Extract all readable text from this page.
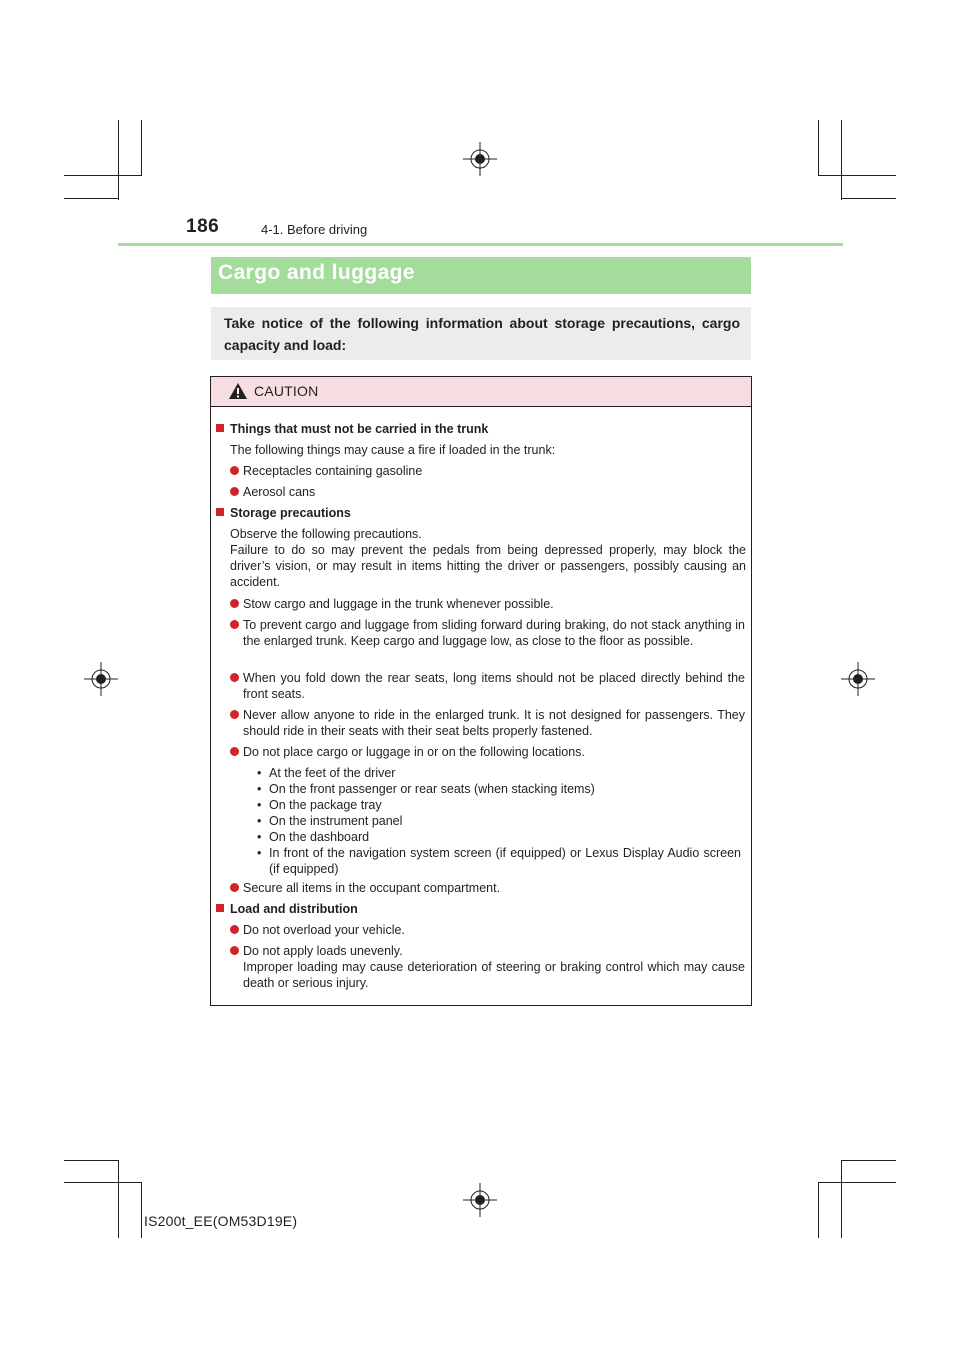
186	4-1. Before driving
Cargo and luggage
Take notice of the following information about storage precautions, cargo capacity and load:
CAUTION
Things that must not be carried in the trunk
The following things may cause a fire if loaded in the trunk:
Receptacles containing gasoline
Aerosol cans
Storage precautions
Observe the following precautions.
Failure to do so may prevent the pedals from being depressed properly, may block the driver’s vision, or may result in items hitting the driver or passengers, possibly causing an accident.
Stow cargo and luggage in the trunk whenever possible.
To prevent cargo and luggage from sliding forward during braking, do not stack anything in the enlarged trunk. Keep cargo and luggage low, as close to the floor as possible.
When you fold down the rear seats, long items should not be placed directly behind the front seats.
Never allow anyone to ride in the enlarged trunk. It is not designed for passengers. They should ride in their seats with their seat belts properly fastened.
Do not place cargo or luggage in or on the following locations.
• At the feet of the driver
• On the front passenger or rear seats (when stacking items)
• On the package tray
• On the instrument panel
• On the dashboard
• In front of the navigation system screen (if equipped) or Lexus Display Audio screen (if equipped)
Secure all items in the occupant compartment.
Load and distribution
Do not overload your vehicle.
Do not apply loads unevenly.
Improper loading may cause deterioration of steering or braking control which may cause death or serious injury.
IS200t_EE(OM53D19E)
